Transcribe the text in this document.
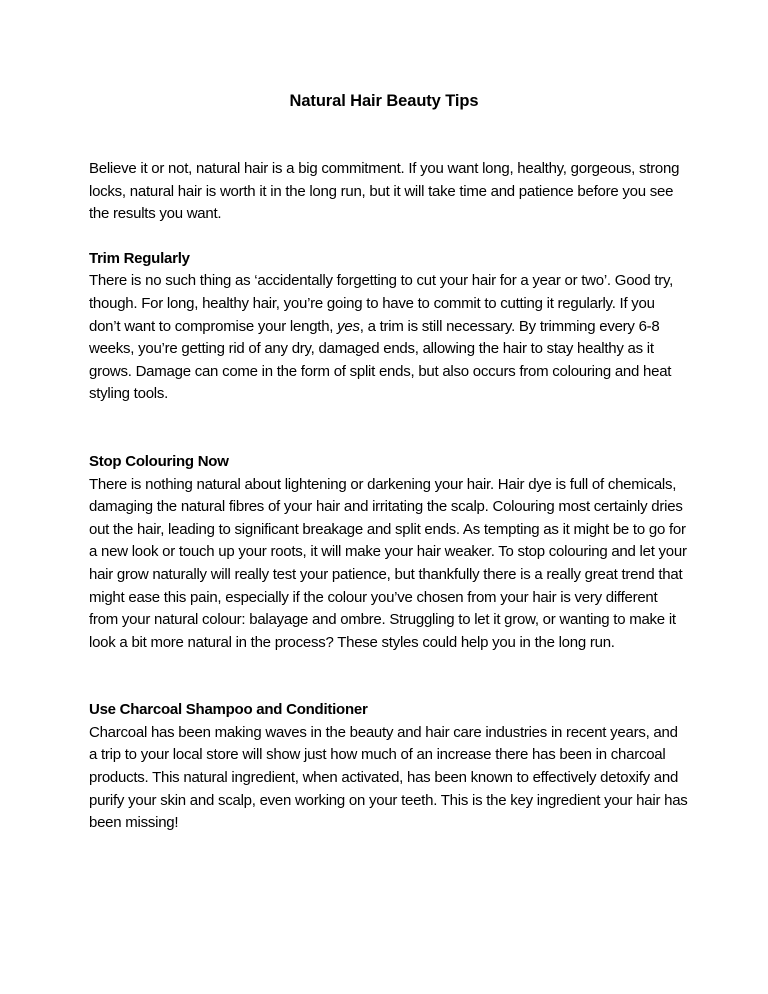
Natural Hair Beauty Tips

Believe it or not, natural hair is a big commitment. If you want long, healthy, gorgeous, strong locks, natural hair is worth it in the long run, but it will take time and patience before you see the results you want.

Trim Regularly

There is no such thing as ‘accidentally forgetting to cut your hair for a year or two’. Good try, though. For long, healthy hair, you’re going to have to commit to cutting it regularly. If you don’t want to compromise your length, yes, a trim is still necessary. By trimming every 6-8 weeks, you’re getting rid of any dry, damaged ends, allowing the hair to stay healthy as it grows. Damage can come in the form of split ends, but also occurs from colouring and heat styling tools.

Stop Colouring Now

There is nothing natural about lightening or darkening your hair. Hair dye is full of chemicals, damaging the natural fibres of your hair and irritating the scalp. Colouring most certainly dries out the hair, leading to significant breakage and split ends. As tempting as it might be to go for a new look or touch up your roots, it will make your hair weaker. To stop colouring and let your hair grow naturally will really test your patience, but thankfully there is a really great trend that might ease this pain, especially if the colour you’ve chosen from your hair is very different from your natural colour: balayage and ombre. Struggling to let it grow, or wanting to make it look a bit more natural in the process? These styles could help you in the long run.

Use Charcoal Shampoo and Conditioner

Charcoal has been making waves in the beauty and hair care industries in recent years, and a trip to your local store will show just how much of an increase there has been in charcoal products. This natural ingredient, when activated, has been known to effectively detoxify and purify your skin and scalp, even working on your teeth. This is the key ingredient your hair has been missing!
